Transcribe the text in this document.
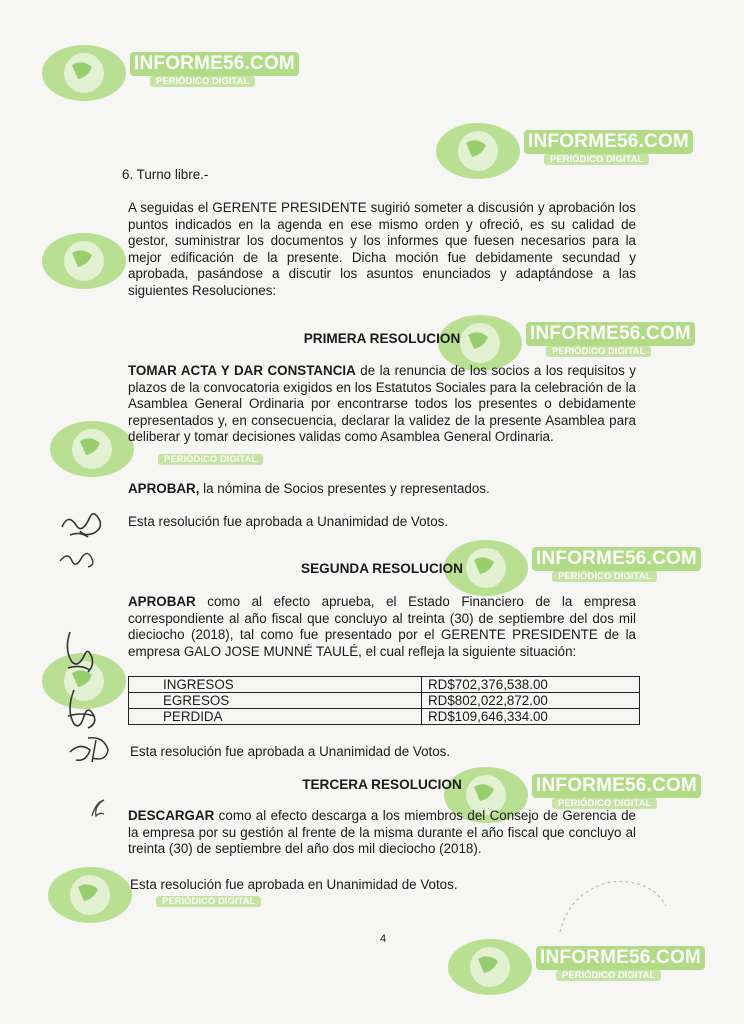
INFORME56.COM
PERIÓDICO DIGITAL
INFORME56.COM
PERIÓDICO DIGITAL
INFORME56.COM
PERIÓDICO DIGITAL
PERIÓDICO DIGITAL
INFORME56.COM
PERIÓDICO DIGITAL
INFORME56.COM
PERIÓDICO DIGITAL
PERIÓDICO DIGITAL
INFORME56.COM
PERIÓDICO DIGITAL
6. Turno libre.-
A seguidas el GERENTE PRESIDENTE sugirió someter a discusión y aprobación los puntos indicados en la agenda en ese mismo orden y ofreció, es su calidad de gestor, suministrar los documentos y los informes que fuesen necesarios para la mejor edificación de la presente. Dicha moción fue debidamente secundad y aprobada, pasándose a discutir los asuntos enunciados y adaptándose a las siguientes Resoluciones:
PRIMERA RESOLUCION
TOMAR ACTA Y DAR CONSTANCIA de la renuncia de los socios a los requisitos y plazos de la convocatoria exigidos en los Estatutos Sociales para la celebración de la Asamblea General Ordinaria por encontrarse todos los presentes o debidamente representados y, en consecuencia, declarar la validez de la presente Asamblea para deliberar y tomar decisiones validas como Asamblea General Ordinaria.
APROBAR, la nómina de Socios presentes y representados.
Esta resolución fue aprobada a Unanimidad de Votos.
SEGUNDA RESOLUCION
APROBAR como al efecto aprueba, el Estado Financiero de la empresa correspondiente al año fiscal que concluyo al treinta (30) de septiembre del dos mil dieciocho (2018), tal como fue presentado por el GERENTE PRESIDENTE de la empresa GALO JOSE MUNNÉ TAULÉ, el cual refleja la siguiente situación:
INGRESOS	RD$702,376,538.00
EGRESOS	RD$802,022,872.00
PERDIDA	RD$109,646,334.00
Esta resolución fue aprobada a Unanimidad de Votos.
TERCERA RESOLUCION
DESCARGAR como al efecto descarga a los miembros del Consejo de Gerencia de la empresa por su gestión al frente de la misma durante el año fiscal que concluyo al treinta (30) de septiembre del año dos mil dieciocho (2018).
Esta resolución fue aprobada en Unanimidad de Votos.
4
